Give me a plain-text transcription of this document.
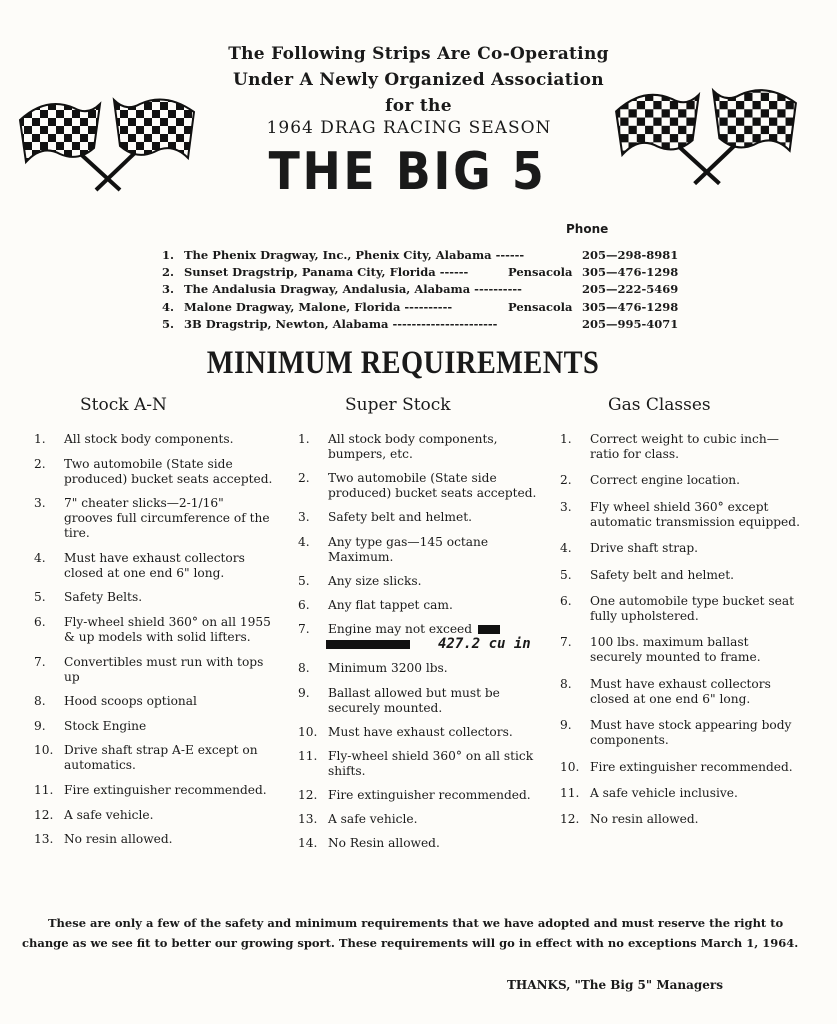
The Following Strips Are Co-Operating
Under A Newly Organized Association
for the
1964 DRAG RACING SEASON
THE BIG 5
Phone
1. The Phenix Dragway, Inc., Phenix City, Alabama ------	205—298-8981
2. Sunset Dragstrip, Panama City, Florida ------	Pensacola 305—476-1298
3. The Andalusia Dragway, Andalusia, Alabama ----------	205—222-5469
4. Malone Dragway, Malone, Florida ----------	Pensacola 305—476-1298
5. 3B Dragstrip, Newton, Alabama ----------------------	205—995-4071
MINIMUM REQUIREMENTS
Stock A-N	Super Stock	Gas Classes
1. All stock body components.
2. Two automobile (State side produced) bucket seats accepted.
3. 7" cheater slicks—2-1/16" grooves full circumference of the tire.
4. Must have exhaust collectors closed at one end 6" long.
5. Safety Belts.
6. Fly-wheel shield 360° on all 1955 & up models with solid lifters.
7. Convertibles must run with tops up
8. Hood scoops optional
9. Stock Engine
10. Drive shaft strap A-E except on automatics.
11. Fire extinguisher recommended.
12. A safe vehicle.
13. No resin allowed.
1. All stock body components, bumpers, etc.
2. Two automobile (State side produced) bucket seats accepted.
3. Safety belt and helmet.
4. Any type gas—145 octane Maximum.
5. Any size slicks.
6. Any flat tappet cam.
7. Engine may not exceed
427.2 cu in
8. Minimum 3200 lbs.
9. Ballast allowed but must be securely mounted.
10. Must have exhaust collectors.
11. Fly-wheel shield 360° on all stick shifts.
12. Fire extinguisher recommended.
13. A safe vehicle.
14. No Resin allowed.
1. Correct weight to cubic inch—ratio for class.
2. Correct engine location.
3. Fly wheel shield 360° except automatic transmission equipped.
4. Drive shaft strap.
5. Safety belt and helmet.
6. One automobile type bucket seat fully upholstered.
7. 100 lbs. maximum ballast securely mounted to frame.
8. Must have exhaust collectors closed at one end 6" long.
9. Must have stock appearing body components.
10. Fire extinguisher recommended.
11. A safe vehicle inclusive.
12. No resin allowed.
These are only a few of the safety and minimum requirements that we have adopted and must reserve the right to change as we see fit to better our growing sport. These requirements will go in effect with no exceptions March 1, 1964.
THANKS, "The Big 5" Managers
